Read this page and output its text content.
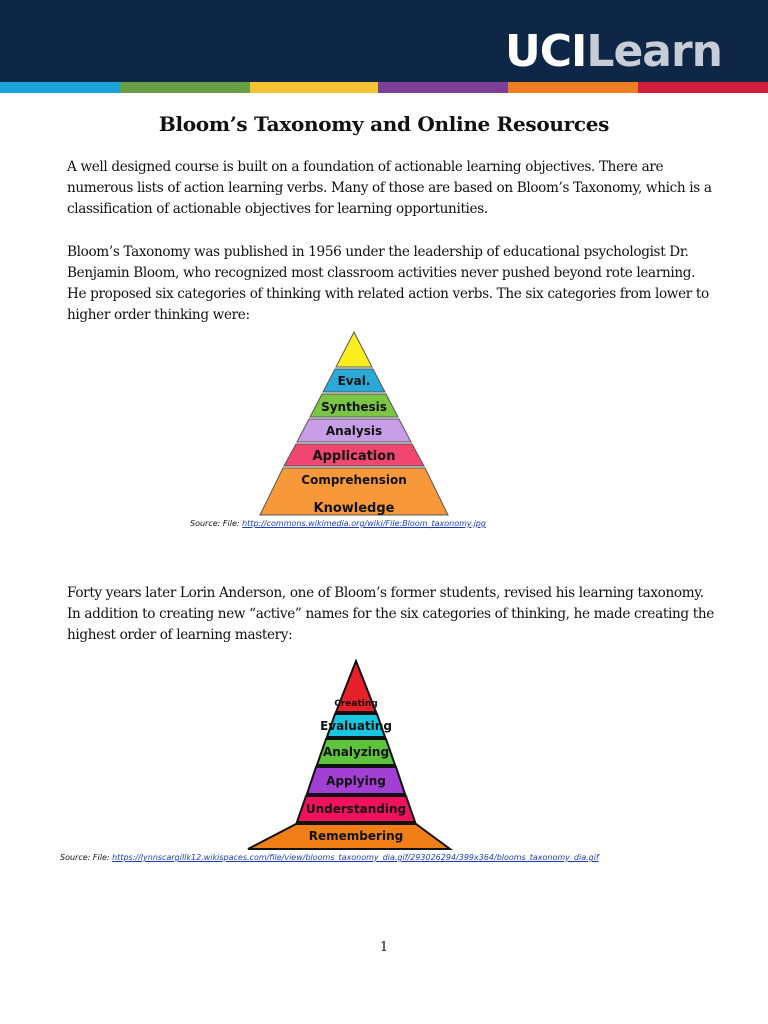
UCILearn
Bloom’s Taxonomy and Online Resources
A well designed course is built on a foundation of actionable learning objectives. There are
numerous lists of action learning verbs. Many of those are based on Bloom’s Taxonomy, which is a
classification of actionable objectives for learning opportunities.
Bloom’s Taxonomy was published in 1956 under the leadership of educational psychologist Dr.
Benjamin Bloom, who recognized most classroom activities never pushed beyond rote learning.
He proposed six categories of thinking with related action verbs. The six categories from lower to
higher order thinking were:
Eval.
Synthesis
Analysis
Application
Comprehension
Knowledge
Source: File: http://commons.wikimedia.org/wiki/File:Bloom_taxonomy.jpg
Forty years later Lorin Anderson, one of Bloom’s former students, revised his learning taxonomy.
In addition to creating new “active” names for the six categories of thinking, he made creating the
highest order of learning mastery:
Creating
Evaluating
Analyzing
Applying
Understanding
Remembering
Source: File: https://lynnscargillk12.wikispaces.com/file/view/blooms_taxonomy_dia.gif/293026294/399x364/blooms_taxonomy_dia.gif
1
